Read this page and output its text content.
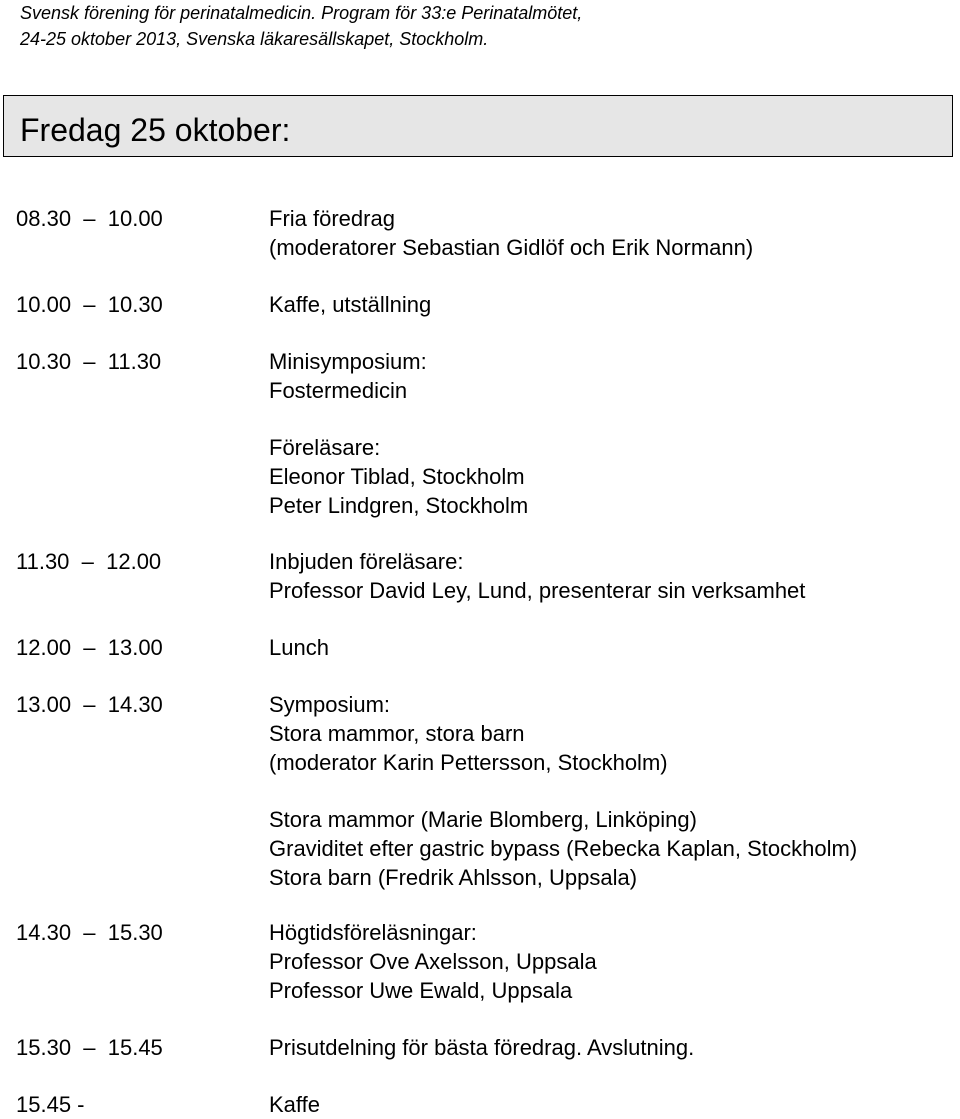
Svensk förening för perinatalmedicin. Program för 33:e Perinatalmötet,
24-25 oktober 2013, Svenska läkaresällskapet, Stockholm.
Fredag 25 oktober:
08.30  –  10.00	Fria föredrag
(moderatorer Sebastian Gidlöf och Erik Normann)
10.00  –  10.30	Kaffe, utställning
10.30  –  11.30	Minisymposium:
Fostermedicin
Föreläsare:
Eleonor Tiblad, Stockholm
Peter Lindgren, Stockholm
11.30  –  12.00	Inbjuden föreläsare:
Professor David Ley, Lund, presenterar sin verksamhet
12.00  –  13.00	Lunch
13.00  –  14.30	Symposium:
Stora mammor, stora barn
(moderator Karin Pettersson, Stockholm)
Stora mammor (Marie Blomberg, Linköping)
Graviditet efter gastric bypass (Rebecka Kaplan, Stockholm)
Stora barn (Fredrik Ahlsson, Uppsala)
14.30  –  15.30	Högtidsföreläsningar:
Professor Ove Axelsson, Uppsala
Professor Uwe Ewald, Uppsala
15.30  –  15.45	Prisutdelning för bästa föredrag. Avslutning.
15.45 -	Kaffe
